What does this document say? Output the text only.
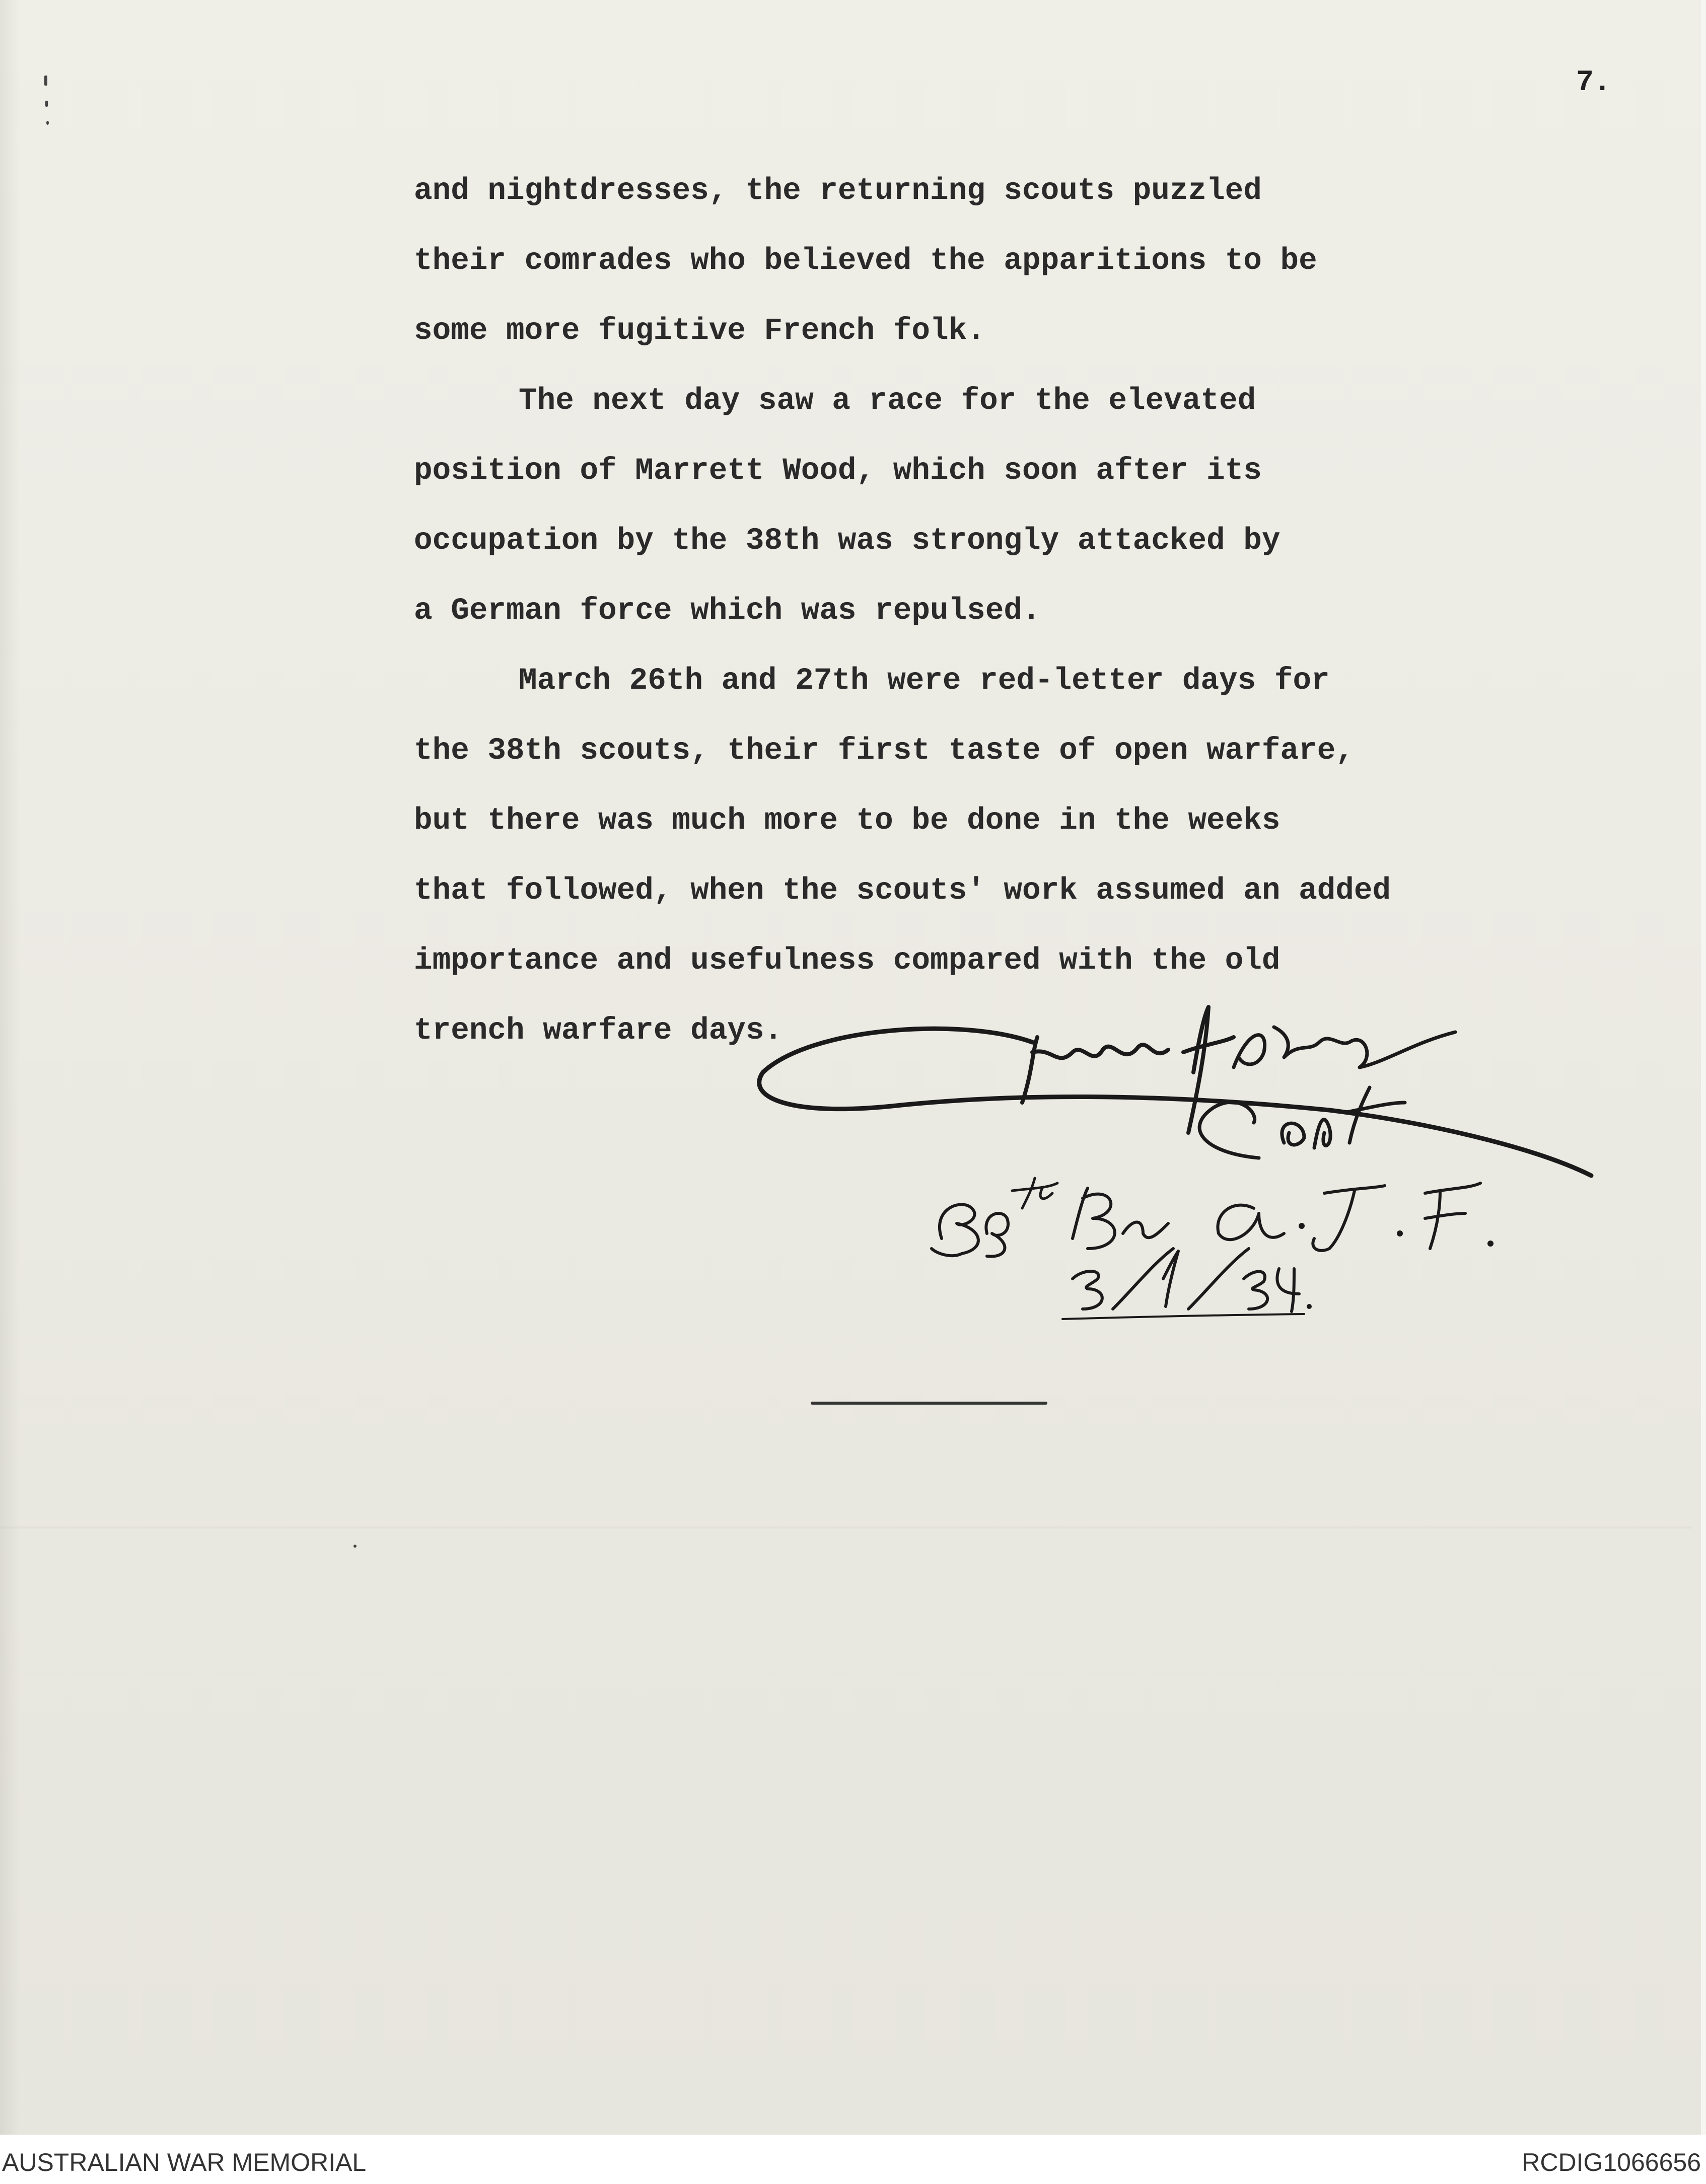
7.

and nightdresses, the returning scouts puzzled

their comrades who believed the apparitions to be

some more fugitive French folk.

The next day saw a race for the elevated

position of Marrett Wood, which soon after its

occupation by the 38th was strongly attacked by

a German force which was repulsed.

March 26th and 27th were red-letter days for

the 38th scouts, their first taste of open warfare,

but there was much more to be done in the weeks

that followed, when the scouts' work assumed an added

importance and usefulness compared with the old

trench warfare days.

AUSTRALIAN WAR MEMORIAL	RCDIG1066656
